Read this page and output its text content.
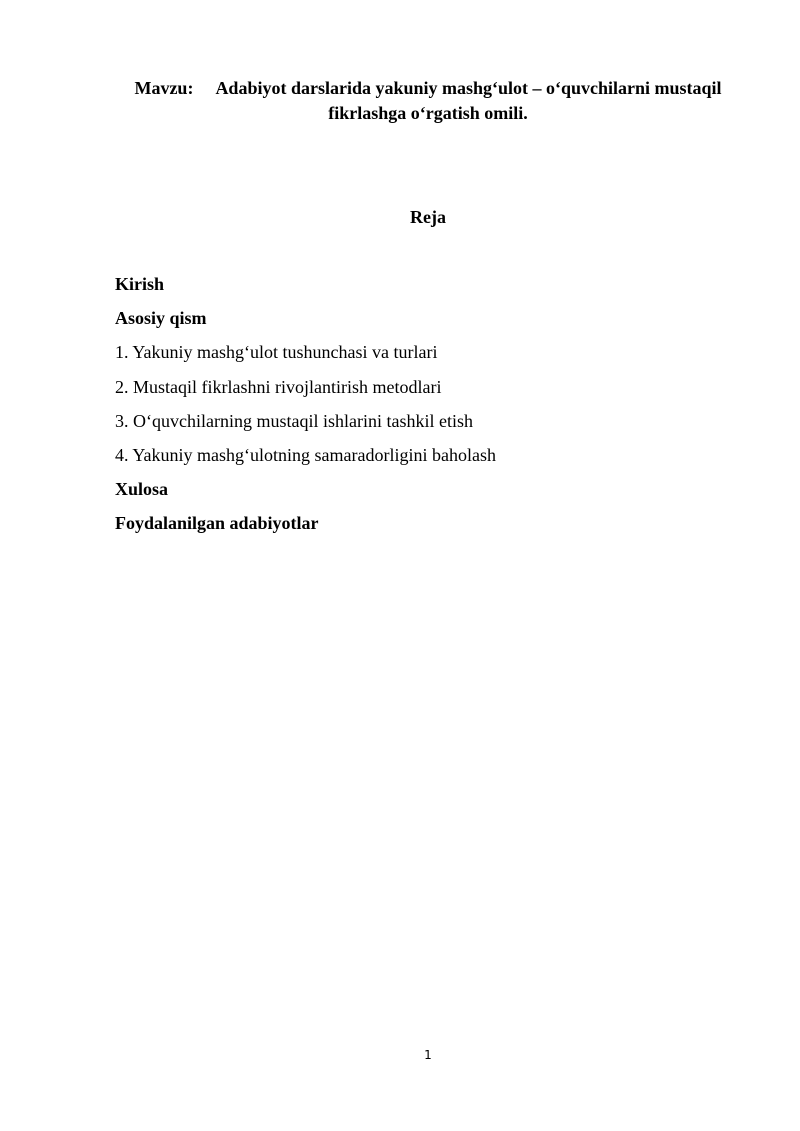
Mavzu: Adabiyot darslarida yakuniy mashg‘ulot – o‘quvchilarni mustaqil fikrlashga o‘rgatish omili.
Reja
Kirish
Asosiy qism
1. Yakuniy mashg‘ulot tushunchasi va turlari
2. Mustaqil fikrlashni rivojlantirish metodlari
3. O‘quvchilarning mustaqil ishlarini tashkil etish
4. Yakuniy mashg‘ulotning samaradorligini baholash
Xulosa
Foydalanilgan adabiyotlar
1
